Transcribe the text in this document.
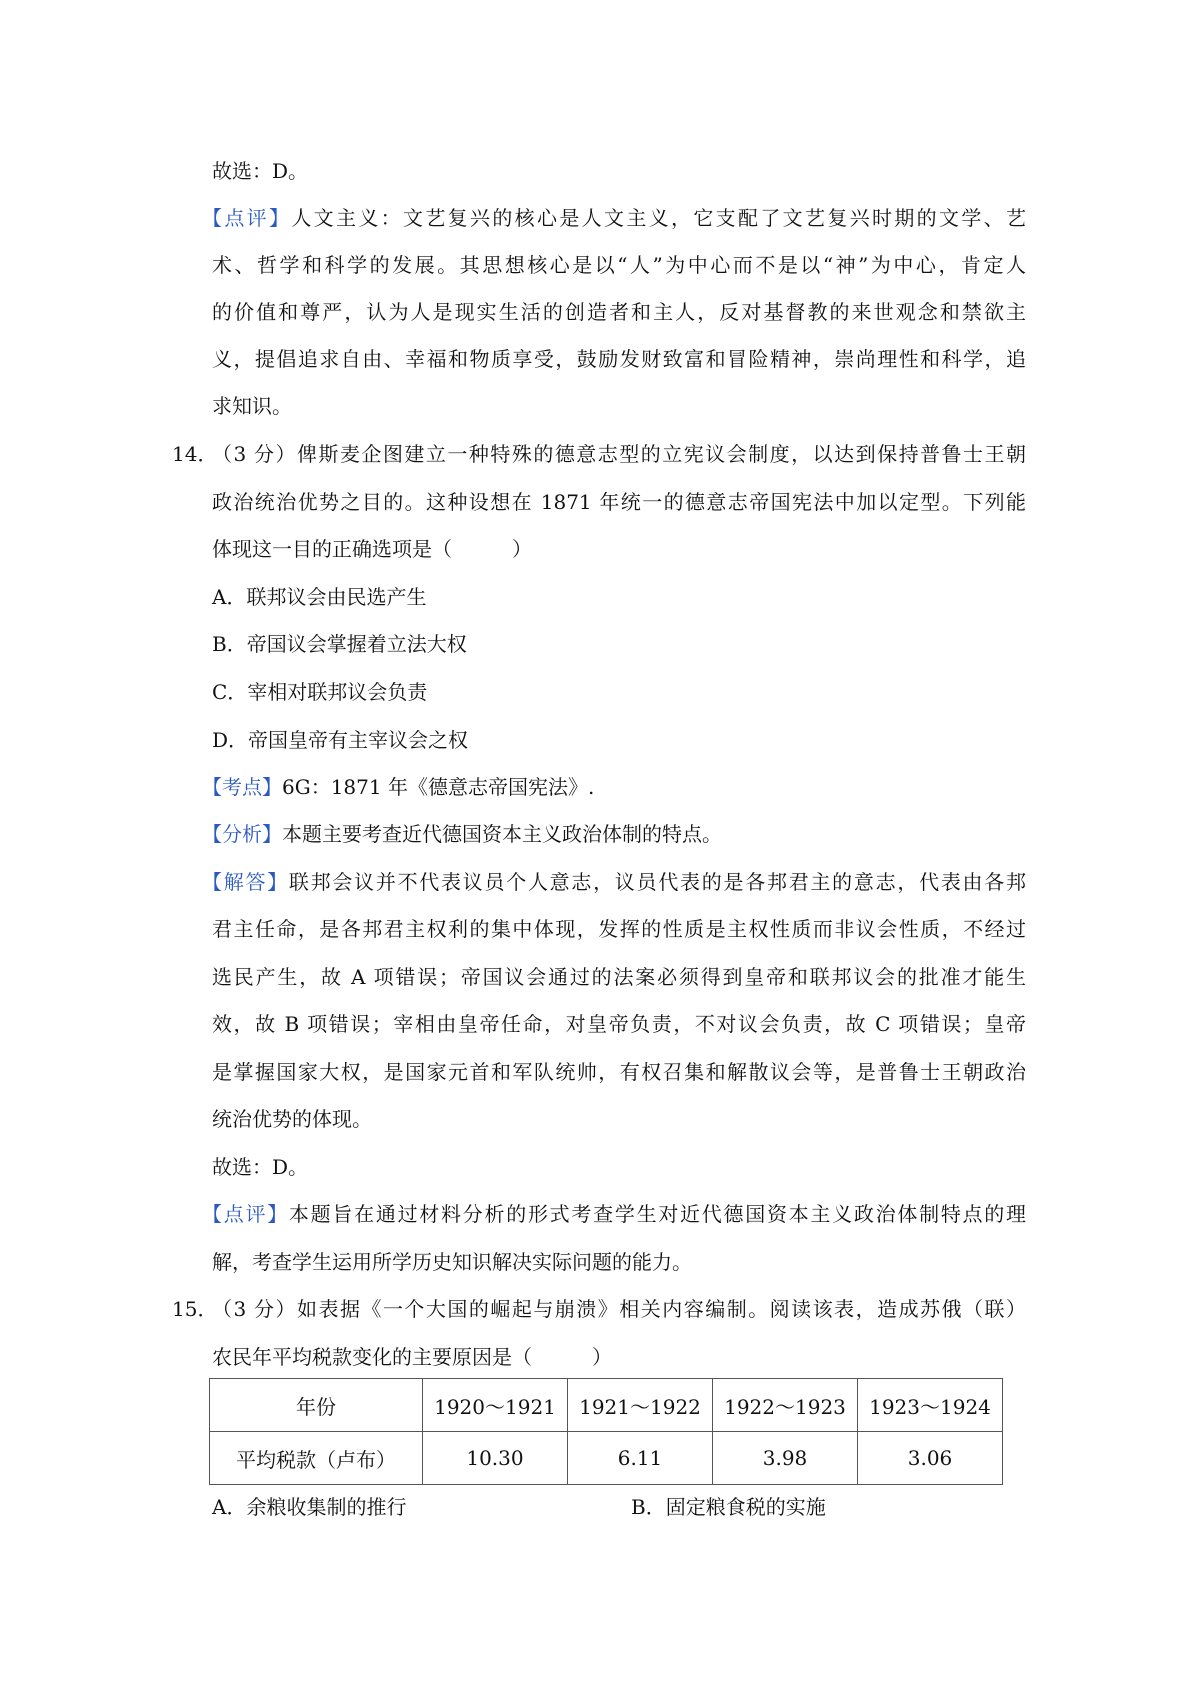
故选：D。
【点评】人文主义：文艺复兴的核心是人文主义，它支配了文艺复兴时期的文学、艺
术、哲学和科学的发展。其思想核心是以“人”为中心而不是以“神”为中心，肯定人
的价值和尊严，认为人是现实生活的创造者和主人，反对基督教的来世观念和禁欲主
义，提倡追求自由、幸福和物质享受，鼓励发财致富和冒险精神，崇尚理性和科学，追
求知识。
14．
（3 分）俾斯麦企图建立一种特殊的德意志型的立宪议会制度，以达到保持普鲁士王朝
政治统治优势之目的。这种设想在 1871 年统一的德意志帝国宪法中加以定型。下列能
体现这一目的正确选项是（	）
A．联邦议会由民选产生
B．帝国议会掌握着立法大权
C．宰相对联邦议会负责
D．帝国皇帝有主宰议会之权
【考点】6G：1871 年《德意志帝国宪法》.
【分析】本题主要考查近代德国资本主义政治体制的特点。
【解答】联邦会议并不代表议员个人意志，议员代表的是各邦君主的意志，代表由各邦
君主任命，是各邦君主权利的集中体现，发挥的性质是主权性质而非议会性质，不经过
选民产生，故 A 项错误；帝国议会通过的法案必须得到皇帝和联邦议会的批准才能生
效，故 B 项错误；宰相由皇帝任命，对皇帝负责，不对议会负责，故 C 项错误；皇帝
是掌握国家大权，是国家元首和军队统帅，有权召集和解散议会等，是普鲁士王朝政治
统治优势的体现。
故选：D。
【点评】本题旨在通过材料分析的形式考查学生对近代德国资本主义政治体制特点的理
解，考查学生运用所学历史知识解决实际问题的能力。
15．
（3 分）如表据《一个大国的崛起与崩溃》相关内容编制。阅读该表，造成苏俄（联）
农民年平均税款变化的主要原因是（	）
年份	1920～1921	1921～1922	1922～1923	1923～1924
平均税款（卢布）	10.30	6.11	3.98	3.06
A．余粮收集制的推行	B．固定粮食税的实施
